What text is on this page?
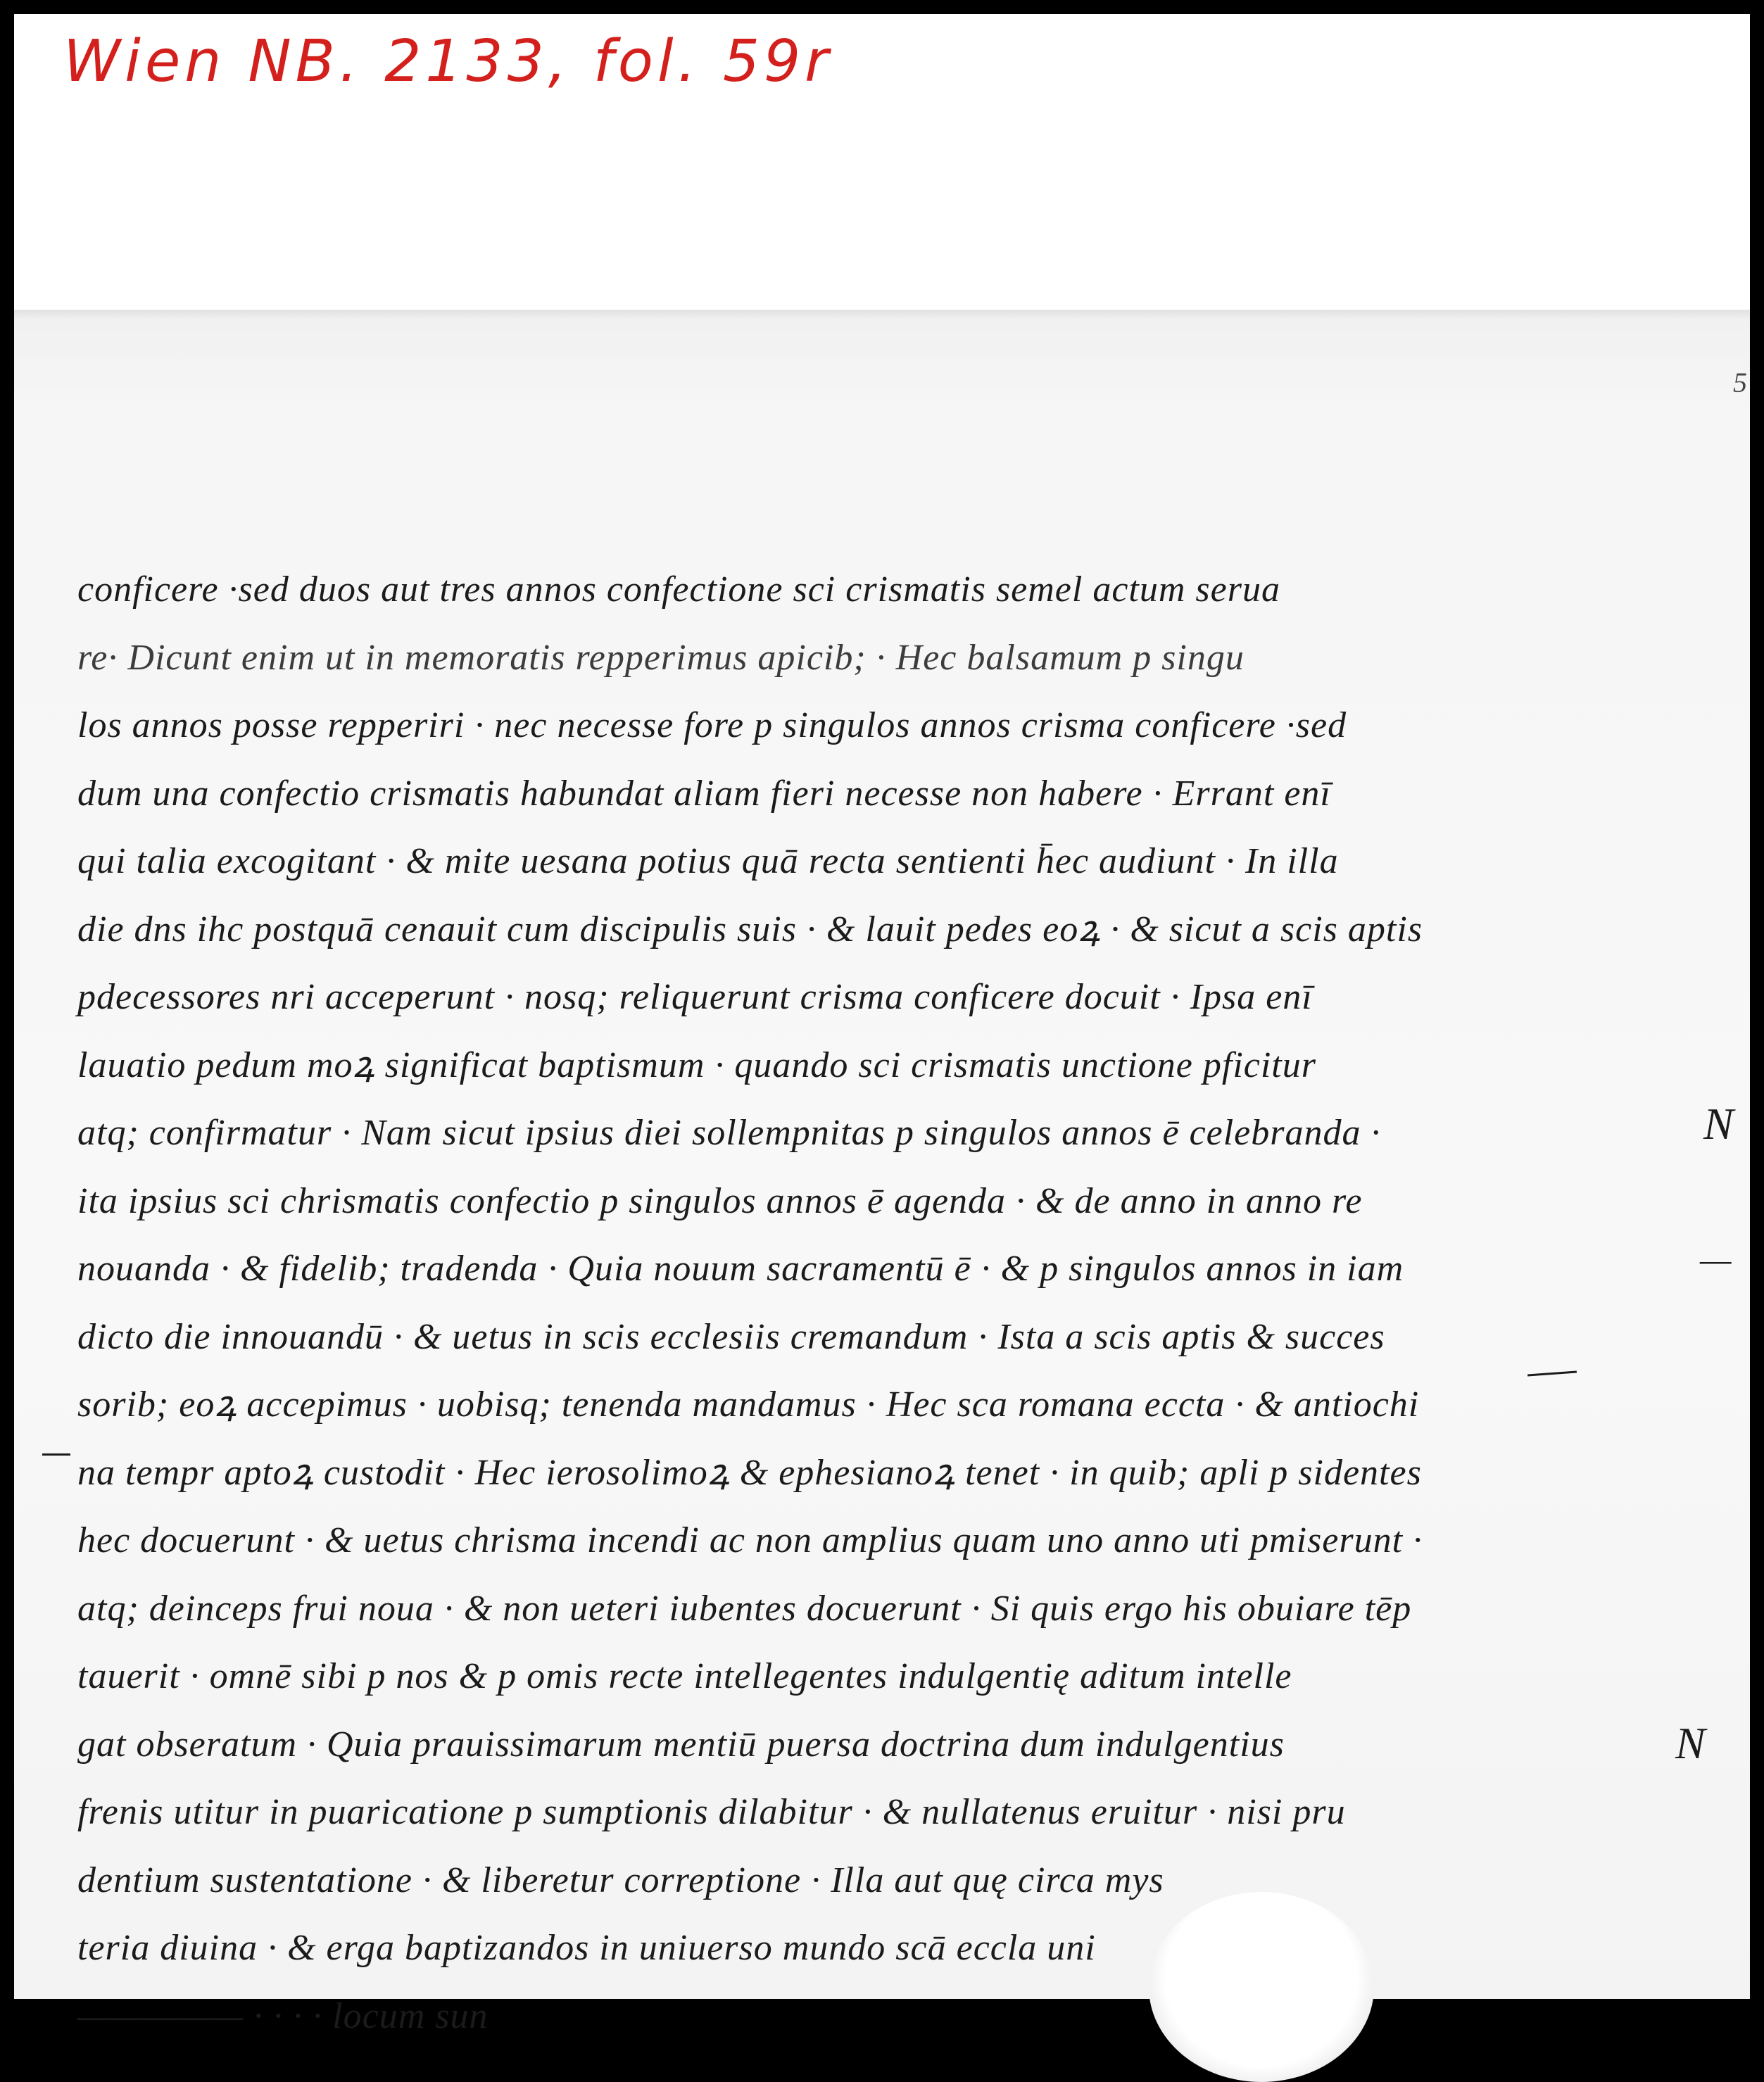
Wien NB. 2133, fol. 59r
5
conficere ·sed duos aut tres annos confectione sci crismatis semel actum serua
re· Dicunt enim ut in memoratis repperimus apicib; · Hec balsamum p singu
los annos posse repperiri · nec necesse fore p singulos annos crisma conficere ·sed
dum una confectio crismatis habundat aliam fieri necesse non habere · Errant enī
qui talia excogitant · & mite uesana potius quā recta sentienti h̄ec audiunt · In illa
die dns ihc postquā cenauit cum discipulis suis · & lauit pedes eoꝝ · & sicut a scis aptis
pdecessores nri acceperunt · nosq; reliquerunt crisma conficere docuit · Ipsa enī
lauatio pedum moꝝ significat baptismum · quando sci crismatis unctione pficitur
atq; confirmatur · Nam sicut ipsius diei sollempnitas p singulos annos ē celebranda ·
ita ipsius sci chrismatis confectio p singulos annos ē agenda · & de anno in anno re
nouanda · & fidelib; tradenda · Quia nouum sacramentū ē · & p singulos annos in iam
dicto die innouandū · & uetus in scis ecclesiis cremandum · Ista a scis aptis & succes
sorib; eoꝝ accepimus · uobisq; tenenda mandamus · Hec sca romana eccta · & antiochi
na tempr aptoꝝ custodit · Hec ierosolimoꝝ & ephesianoꝝ tenet · in quib; apli p sidentes
hec docuerunt · & uetus chrisma incendi ac non amplius quam uno anno uti pmiserunt ·
atq; deinceps frui noua · & non ueteri iubentes docuerunt · Si quis ergo his obuiare tēp
tauerit · omnē sibi p nos & p omis recte intellegentes indulgentię aditum intelle
gat obseratum · Quia prauissimarum mentiū puersa doctrina dum indulgentius
frenis utitur in puaricatione p sumptionis dilabitur · & nullatenus eruitur · nisi pru
dentium sustentatione · & liberetur correptione · Illa aut quę circa mys
teria diuina · & erga baptizandos in uniuerso mundo scā eccla uni
————— · · · · locum sun
N
—
N
